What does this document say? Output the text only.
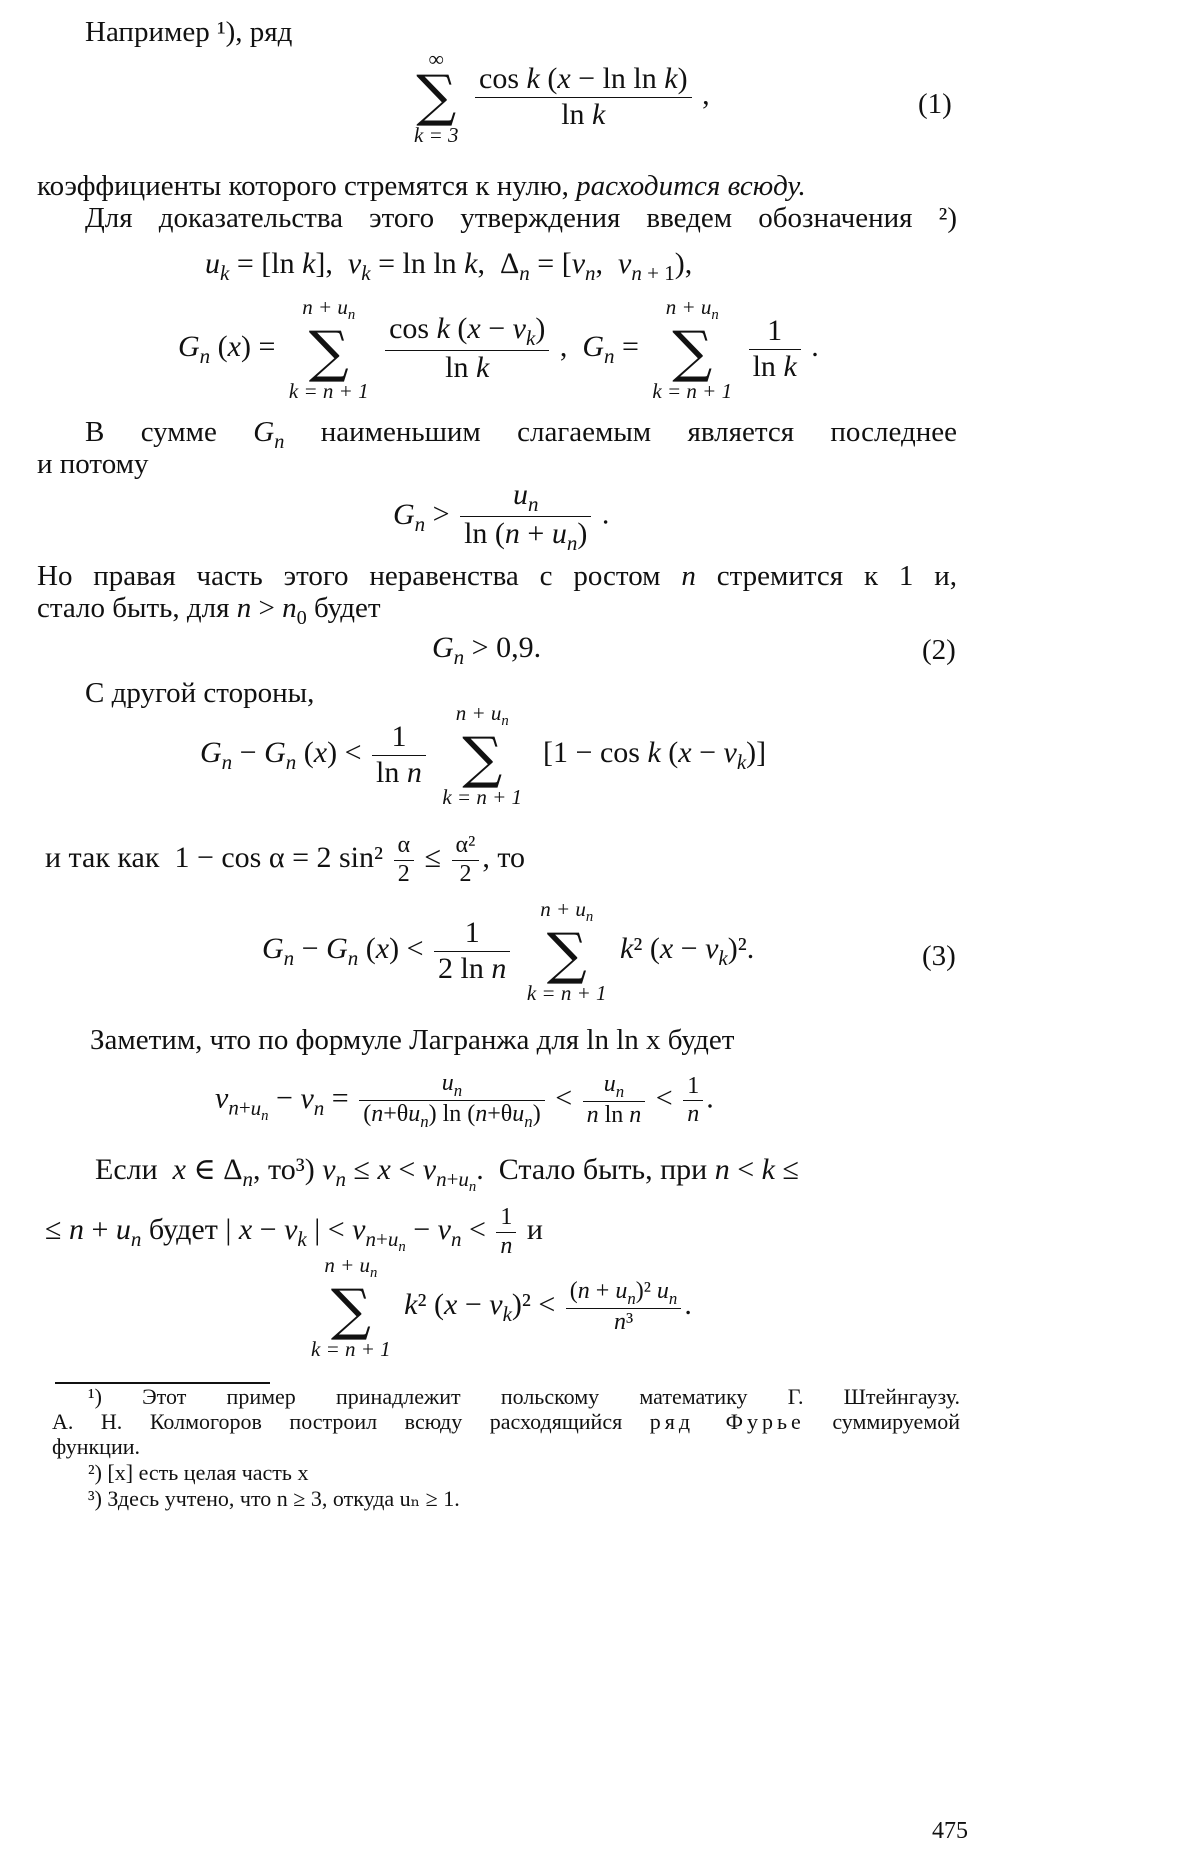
Например ¹), ряд
∞
∑
k = 3

$\frac{\text{cos k (x − ln ln k)}}{\text{ln k}}$ ,	(1)
коэффициенты которого стремятся к нулю, расходится всюду.
Для доказательства этого утверждения введем обозначения ²)
$u_k = [\ln$ k],  $v_k = \ln \ln k$,  $\Delta_n = [v_n$,  $v_{n + 1}$),
$G_n$ (x) =
$n + u_n$
∑
k = n + 1

$\frac{\cos k (x - v_k)}{\text{ln k}}$ ,  $G_n$ =
$n + u_n$
∑
k = n + 1

$\frac{1}{\text{ln k}}$ .
В сумме $G_n$ наименьшим слагаемым является последнее
и потому
$G_n > \frac{u_n}{\ln (n + u_n)}$ .
Но правая часть этого неравенства с ростом n стремится к 1 и,
стало быть, для $n > n_0$ будет
$G_n > 0,9$.	(2)
С другой стороны,
$G_n - G_n$ $(x) < \frac{1}{\text{ln n}}$

$n + u_n$
∑
k = n + 1
[1 − cos k $(x - v_k)$]
и так как  1 − cos α = 2 $\sin^2 \frac{\alpha}{2} \le \frac{\text{α²}}{2}$ , то
$G_n - G_n$ $(x) < \frac{1}{\text{2 ln n}}$

$n + u_n$
∑
k = n + 1
k² $(x - v_k)^2$.	(3)
Заметим, что по формуле Лагранжа для ln ln x будет
$v_{n+u_n} - v_n = \frac{u_n}{(n+\theta u_n) \ln (n+\theta u_n)} < \frac{u_n}{\text{n ln n}} < \frac{1}{n}$ .
Если x ∈ $\Delta_n$, то³) $v_n \le x < v_{n+u_n}$.  Стало быть, при n < k ≤
≤ $n + u_n$ будет | $x - v_k$ | < $v_{n+u_n} - v_n < \frac{1}{n}$ и
$n + u_n$
∑
k = n + 1
k² $(x - v_k)^2 < \frac{(n + u_n)^2 u_n}{\text{n³}}$ .
¹) Этот пример принадлежит польскому математику Г. Штейнгаузу.
А. Н. Колмогоров построил всюду расходящийся ряд Фурье суммируемой
функции.
²) [x] есть целая часть x
³) Здесь учтено, что n ≥ 3, откуда uₙ ≥ 1.
475
